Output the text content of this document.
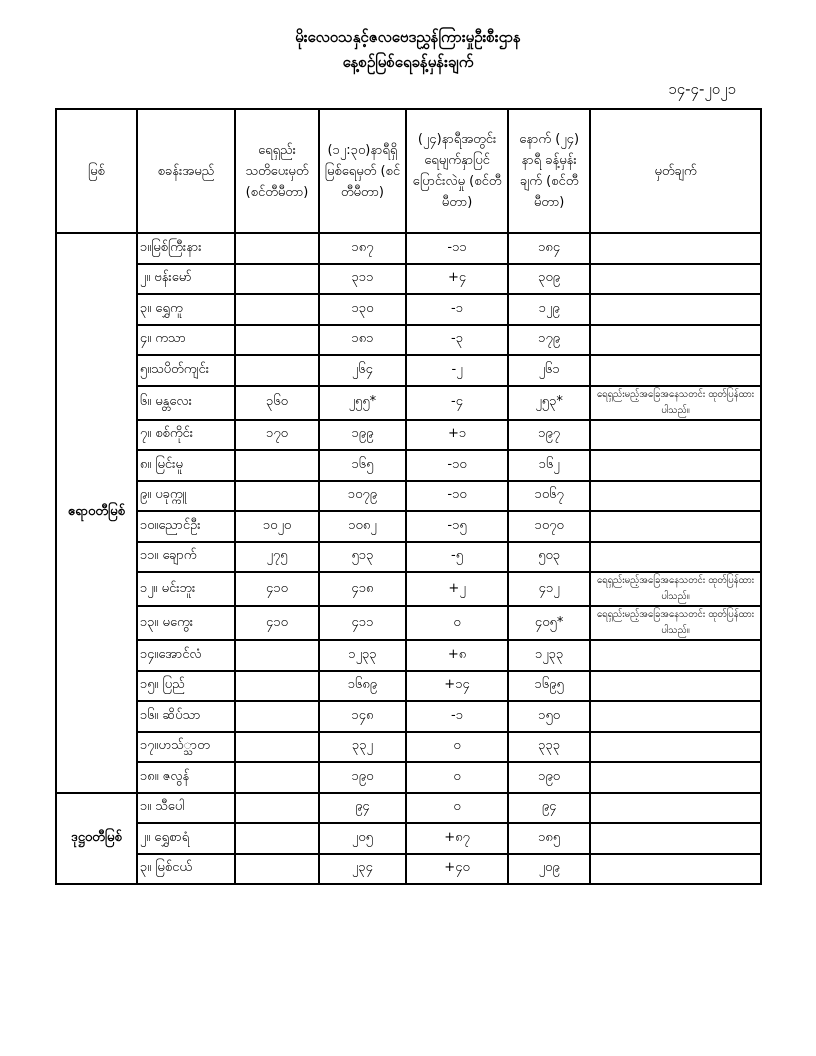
မိုးလေဝသနှင့်ဇလဗေဒညွှန်ကြားမှုဦးစီးဌာန
နေ့စဉ်မြစ်ရေခန့်မှန်းချက်
၁၄-၄-၂၀၂၁
မြစ်	စခန်းအမည်	ရေရှည်း သတိပေးမှတ် (စင်တီမီတာ)	(၁၂:၃၀)နာရီရှိ မြစ်ရေမှတ် (စင်တီမီတာ)	(၂၄)နာရီအတွင်း ရေမျက်နှာပြင် ပြောင်းလဲမှု (စင်တီမီတာ)	နောက် (၂၄) နာရီ ခန့်မှန်းချက် (စင်တီမီတာ)	မှတ်ချက်
ဧရာဝတီမြစ်	၁။မြစ်ကြီးနား		၁၈၇	-၁၁	၁၈၄	
	၂။ ဗန်းမော်		၃၁၁	+၄	၃၀၉	
	၃။ ရွှေကူ		၁၃၀	-၁	၁၂၉	
	၄။ ကသာ		၁၈၁	-၃	၁၇၉	
	၅။သပိတ်ကျင်း		၂၆၄	-၂	၂၆၁	
	၆။ မန္တလေး	၃၆၀	၂၅၅*	-၄	၂၅၃*	ရေရှည်းမည့်အခြေအနေသတင်း ထုတ်ပြန်ထားပါသည်။
	၇။ စစ်ကိုင်း	၁၇၀	၁၉၉	+၁	၁၉၇	
	၈။ မြင်းမူ		၁၆၅	-၁၀	၁၆၂	
	၉။ ပခုက္ကူ		၁၀၇၉	-၁၀	၁၀၆၇	
	၁၀။ညောင်ဦး	၁၀၂၀	၁၀၈၂	-၁၅	၁၀၇၀	
	၁၁။ ချောက်	၂၇၅	၅၁၃	-၅	၅၀၃	
	၁၂။ မင်းဘူး	၄၁၀	၄၁၈	+၂	၄၁၂	ရေရှည်းမည့်အခြေအနေသတင်း ထုတ်ပြန်ထားပါသည်။
	၁၃။ မကွေး	၄၁၀	၄၁၁	၀	၄၀၅*	ရေရှည်းမည့်အခြေအနေသတင်း ထုတ်ပြန်ထားပါသည်။
	၁၄။အောင်လံ		၁၂၃၃	+၈	၁၂၃၃	
	၁၅။ ပြည်		၁၆၈၉	+၁၄	၁၆၉၅	
	၁၆။ ဆိပ်သာ		၁၄၈	-၁	၁၅၀	
	၁၇။ဟသ်္သာတ		၃၃၂	၀	၃၃၃	
	၁၈။ ဇလွန်		၁၉၀	၀	၁၉၀	
ဒုဋ္ဌဝတီမြစ်	၁။ သီပေါ		၉၄	၀	၉၄	
	၂။ ရွှေစာရံ		၂၀၅	+၈၇	၁၈၅	
	၃။ မြစ်ငယ်		၂၃၄	+၄၀	၂၀၉	
